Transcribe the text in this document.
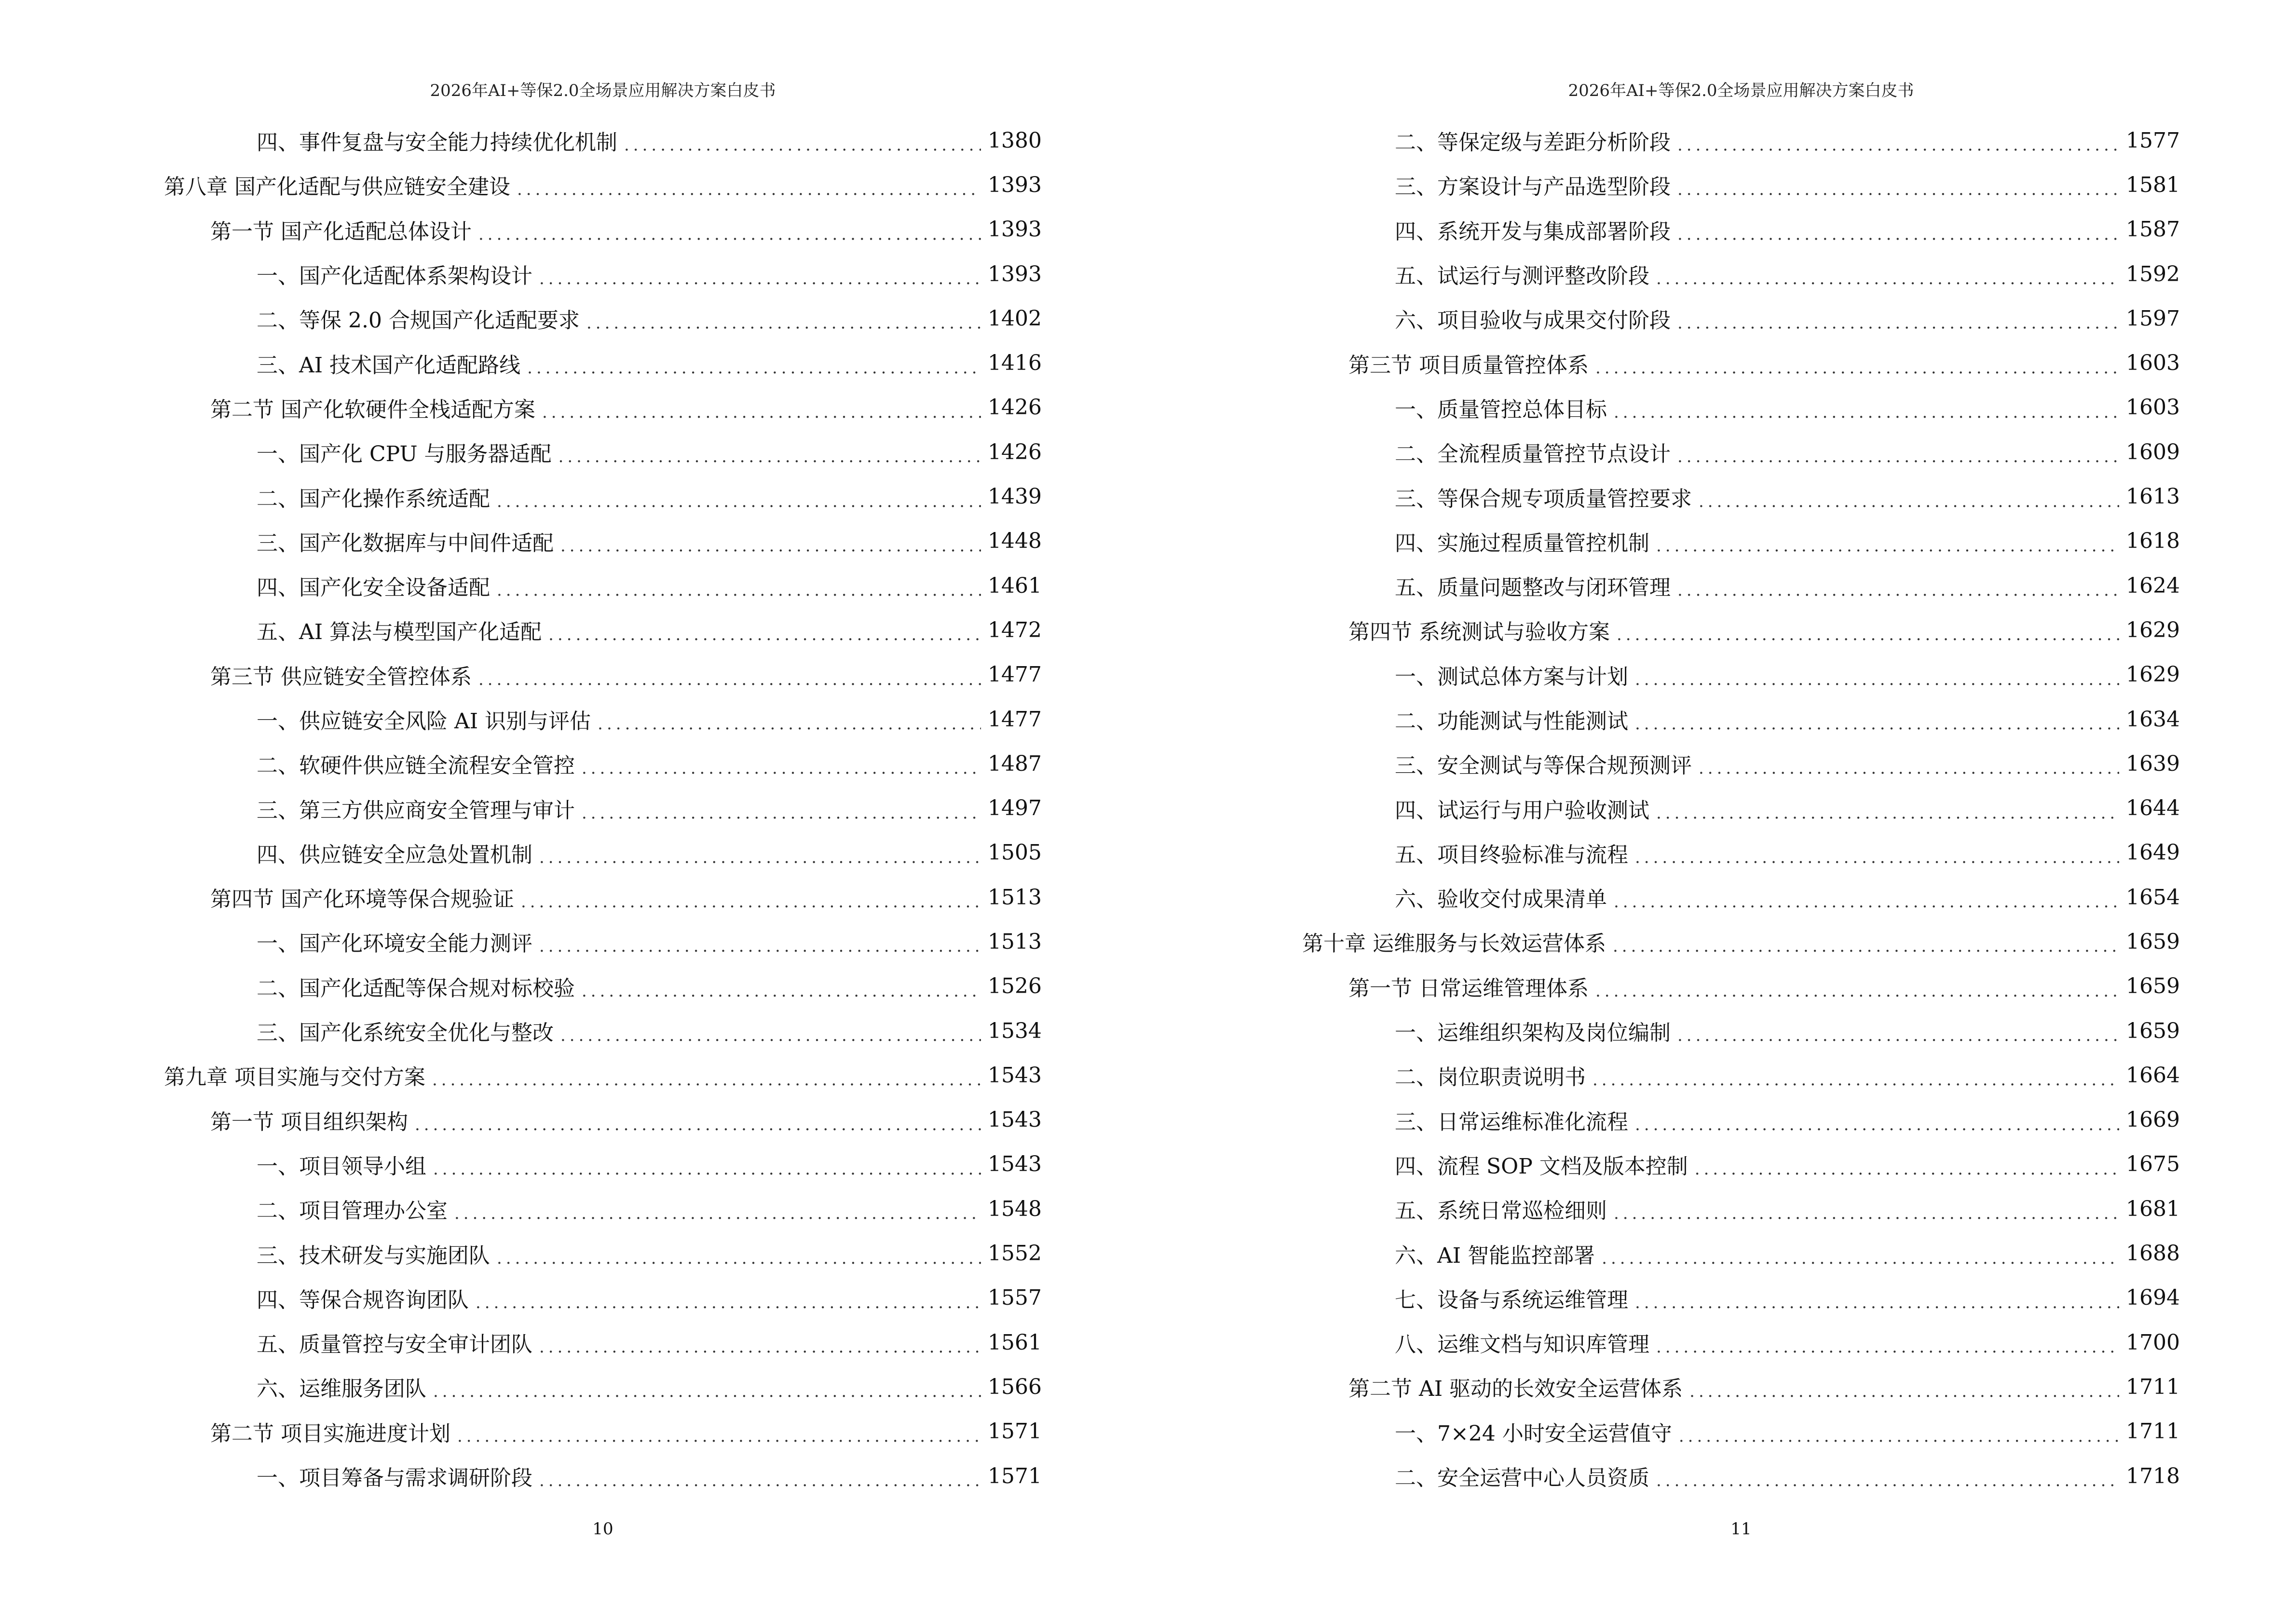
2026年AI+等保2.0全场景应用解决方案白皮书
四、事件复盘与安全能力持续优化机制 .....	1380
第八章 国产化适配与供应链安全建设 .....	1393
第一节 国产化适配总体设计 .....	1393
一、国产化适配体系架构设计 .....	1393
二、等保 2.0 合规国产化适配要求 .....	1402
三、AI 技术国产化适配路线 .....	1416
第二节 国产化软硬件全栈适配方案 .....	1426
一、国产化 CPU 与服务器适配 .....	1426
二、国产化操作系统适配 .....	1439
三、国产化数据库与中间件适配 .....	1448
四、国产化安全设备适配 .....	1461
五、AI 算法与模型国产化适配 .....	1472
第三节 供应链安全管控体系 .....	1477
一、供应链安全风险 AI 识别与评估 .....	1477
二、软硬件供应链全流程安全管控 .....	1487
三、第三方供应商安全管理与审计 .....	1497
四、供应链安全应急处置机制 .....	1505
第四节 国产化环境等保合规验证 .....	1513
一、国产化环境安全能力测评 .....	1513
二、国产化适配等保合规对标校验 .....	1526
三、国产化系统安全优化与整改 .....	1534
第九章 项目实施与交付方案 .....	1543
第一节 项目组织架构 .....	1543
一、项目领导小组 .....	1543
二、项目管理办公室 .....	1548
三、技术研发与实施团队 .....	1552
四、等保合规咨询团队 .....	1557
五、质量管控与安全审计团队 .....	1561
六、运维服务团队 .....	1566
第二节 项目实施进度计划 .....	1571
一、项目筹备与需求调研阶段 .....	1571
10
2026年AI+等保2.0全场景应用解决方案白皮书
二、等保定级与差距分析阶段 .....	1577
三、方案设计与产品选型阶段 .....	1581
四、系统开发与集成部署阶段 .....	1587
五、试运行与测评整改阶段 .....	1592
六、项目验收与成果交付阶段 .....	1597
第三节 项目质量管控体系 .....	1603
一、质量管控总体目标 .....	1603
二、全流程质量管控节点设计 .....	1609
三、等保合规专项质量管控要求 .....	1613
四、实施过程质量管控机制 .....	1618
五、质量问题整改与闭环管理 .....	1624
第四节 系统测试与验收方案 .....	1629
一、测试总体方案与计划 .....	1629
二、功能测试与性能测试 .....	1634
三、安全测试与等保合规预测评 .....	1639
四、试运行与用户验收测试 .....	1644
五、项目终验标准与流程 .....	1649
六、验收交付成果清单 .....	1654
第十章 运维服务与长效运营体系 .....	1659
第一节 日常运维管理体系 .....	1659
一、运维组织架构及岗位编制 .....	1659
二、岗位职责说明书 .....	1664
三、日常运维标准化流程 .....	1669
四、流程 SOP 文档及版本控制 .....	1675
五、系统日常巡检细则 .....	1681
六、AI 智能监控部署 .....	1688
七、设备与系统运维管理 .....	1694
八、运维文档与知识库管理 .....	1700
第二节 AI 驱动的长效安全运营体系 .....	1711
一、7×24 小时安全运营值守 .....	1711
二、安全运营中心人员资质 .....	1718
11
